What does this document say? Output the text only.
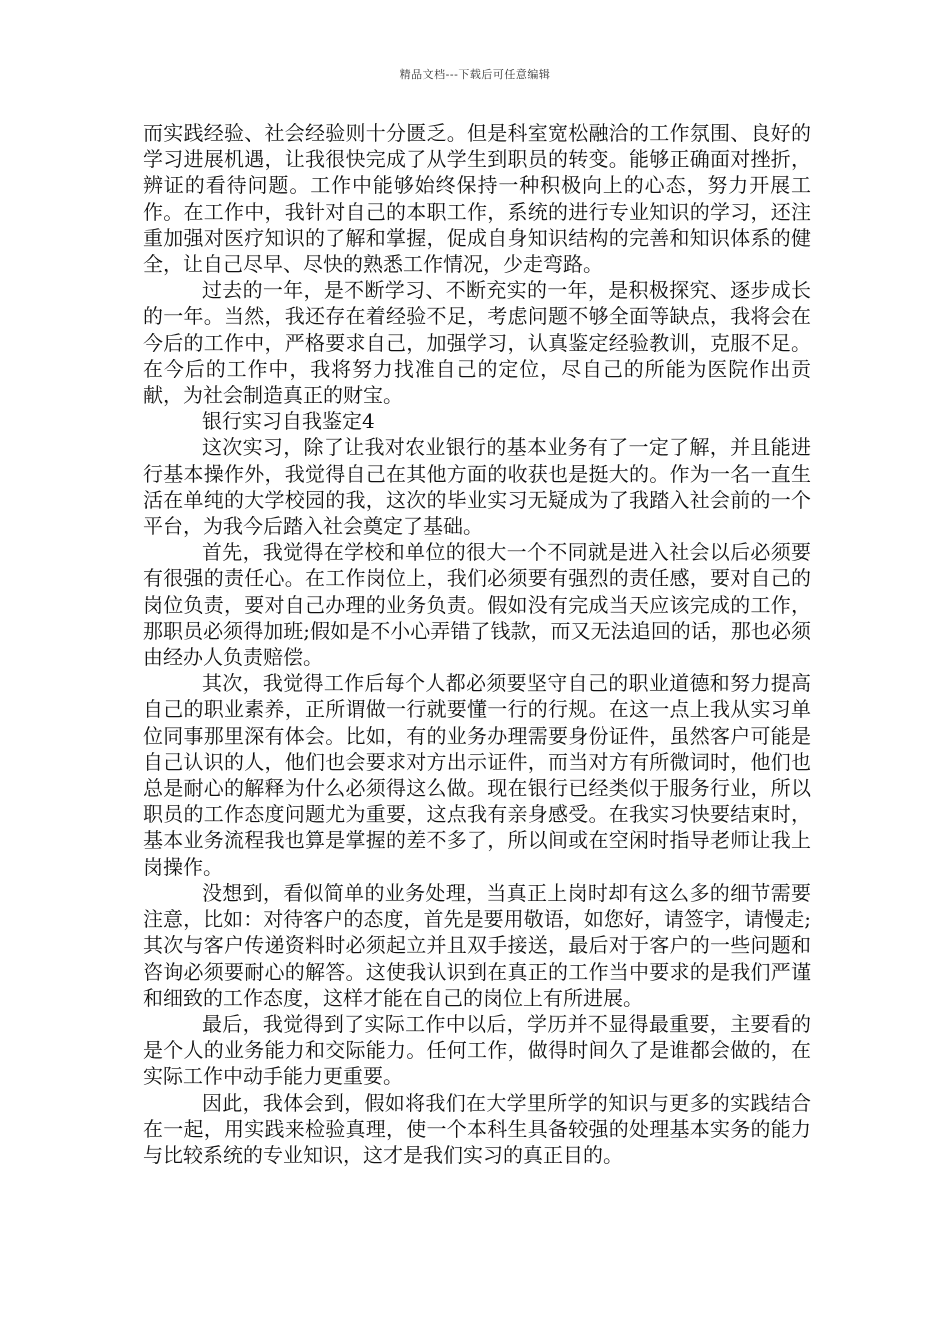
精品文档---下载后可任意编辑

而实践经验、社会经验则十分匮乏。但是科室宽松融洽的工作氛围、良好的学习进展机遇，让我很快完成了从学生到职员的转变。能够正确面对挫折，辨证的看待问题。工作中能够始终保持一种积极向上的心态，努力开展工作。在工作中，我针对自己的本职工作，系统的进行专业知识的学习，还注重加强对医疗知识的了解和掌握，促成自身知识结构的完善和知识体系的健全，让自己尽早、尽快的熟悉工作情况，少走弯路。

过去的一年，是不断学习、不断充实的一年，是积极探究、逐步成长的一年。当然，我还存在着经验不足，考虑问题不够全面等缺点，我将会在今后的工作中，严格要求自己，加强学习，认真鉴定经验教训，克服不足。在今后的工作中，我将努力找准自己的定位，尽自己的所能为医院作出贡献，为社会制造真正的财宝。

银行实习自我鉴定4

这次实习，除了让我对农业银行的基本业务有了一定了解，并且能进行基本操作外，我觉得自己在其他方面的收获也是挺大的。作为一名一直生活在单纯的大学校园的我，这次的毕业实习无疑成为了我踏入社会前的一个平台，为我今后踏入社会奠定了基础。

首先，我觉得在学校和单位的很大一个不同就是进入社会以后必须要有很强的责任心。在工作岗位上，我们必须要有强烈的责任感，要对自己的岗位负责，要对自己办理的业务负责。假如没有完成当天应该完成的工作，那职员必须得加班;假如是不小心弄错了钱款，而又无法追回的话，那也必须由经办人负责赔偿。

其次，我觉得工作后每个人都必须要坚守自己的职业道德和努力提高自己的职业素养，正所谓做一行就要懂一行的行规。在这一点上我从实习单位同事那里深有体会。比如，有的业务办理需要身份证件，虽然客户可能是自己认识的人，他们也会要求对方出示证件，而当对方有所微词时，他们也总是耐心的解释为什么必须得这么做。现在银行已经类似于服务行业，所以职员的工作态度问题尤为重要，这点我有亲身感受。在我实习快要结束时，基本业务流程我也算是掌握的差不多了，所以间或在空闲时指导老师让我上岗操作。

没想到，看似简单的业务处理，当真正上岗时却有这么多的细节需要注意，比如：对待客户的态度，首先是要用敬语，如您好，请签字，请慢走;其次与客户传递资料时必须起立并且双手接送，最后对于客户的一些问题和咨询必须要耐心的解答。这使我认识到在真正的工作当中要求的是我们严谨和细致的工作态度，这样才能在自己的岗位上有所进展。

最后，我觉得到了实际工作中以后，学历并不显得最重要，主要看的是个人的业务能力和交际能力。任何工作，做得时间久了是谁都会做的，在实际工作中动手能力更重要。

因此，我体会到，假如将我们在大学里所学的知识与更多的实践结合在一起，用实践来检验真理，使一个本科生具备较强的处理基本实务的能力与比较系统的专业知识，这才是我们实习的真正目的。
